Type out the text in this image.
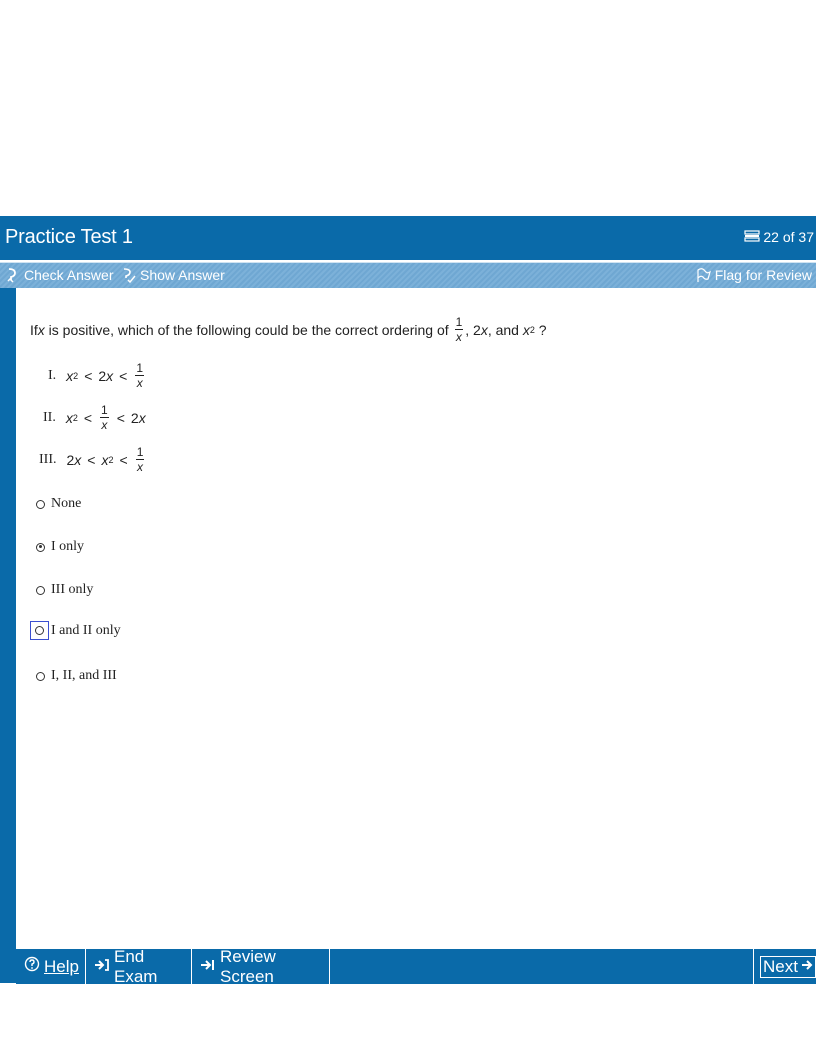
Practice Test 1	22 of 37
Check Answer Show Answer	Flag for Review
If x is positive, which of the following could be the correct ordering of $\frac{1}{x}$ , 2 x , and x 2 ?
I. x 2 < 2 $x < \frac{1}{x}$
II. x $2 < \frac{1}{x} < 2$ x
III. 2 x < x $2 < \frac{1}{x}$
None
I only
III only
I and II only
I, II, and III
Help
End Exam
Review Screen
Next
